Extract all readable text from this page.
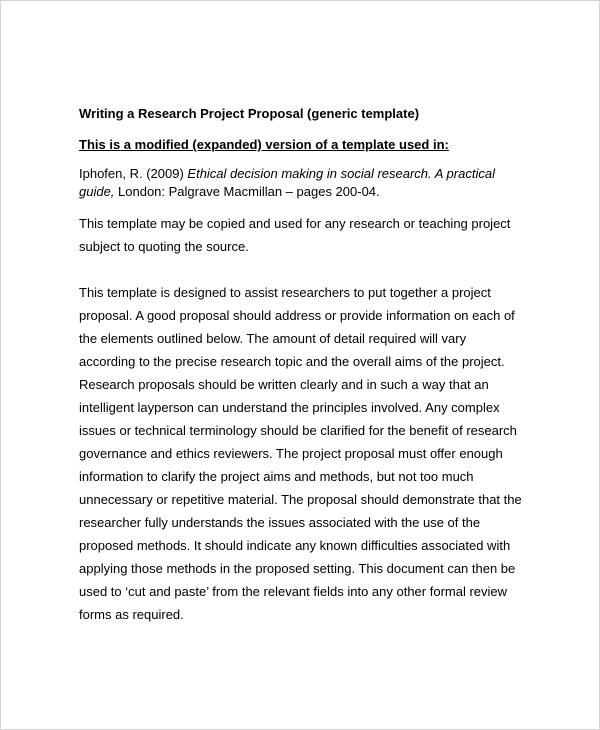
Writing a Research Project Proposal (generic template)

This is a modified (expanded) version of a template used in:

Iphofen, R. (2009) Ethical decision making in social research. A practical
guide, London: Palgrave Macmillan – pages 200-04.

This template may be copied and used for any research or teaching project
subject to quoting the source.

This template is designed to assist researchers to put together a project
proposal. A good proposal should address or provide information on each of
the elements outlined below. The amount of detail required will vary
according to the precise research topic and the overall aims of the project.
Research proposals should be written clearly and in such a way that an
intelligent layperson can understand the principles involved. Any complex
issues or technical terminology should be clarified for the benefit of research
governance and ethics reviewers. The project proposal must offer enough
information to clarify the project aims and methods, but not too much
unnecessary or repetitive material. The proposal should demonstrate that the
researcher fully understands the issues associated with the use of the
proposed methods. It should indicate any known difficulties associated with
applying those methods in the proposed setting. This document can then be
used to ‘cut and paste’ from the relevant fields into any other formal review
forms as required.
